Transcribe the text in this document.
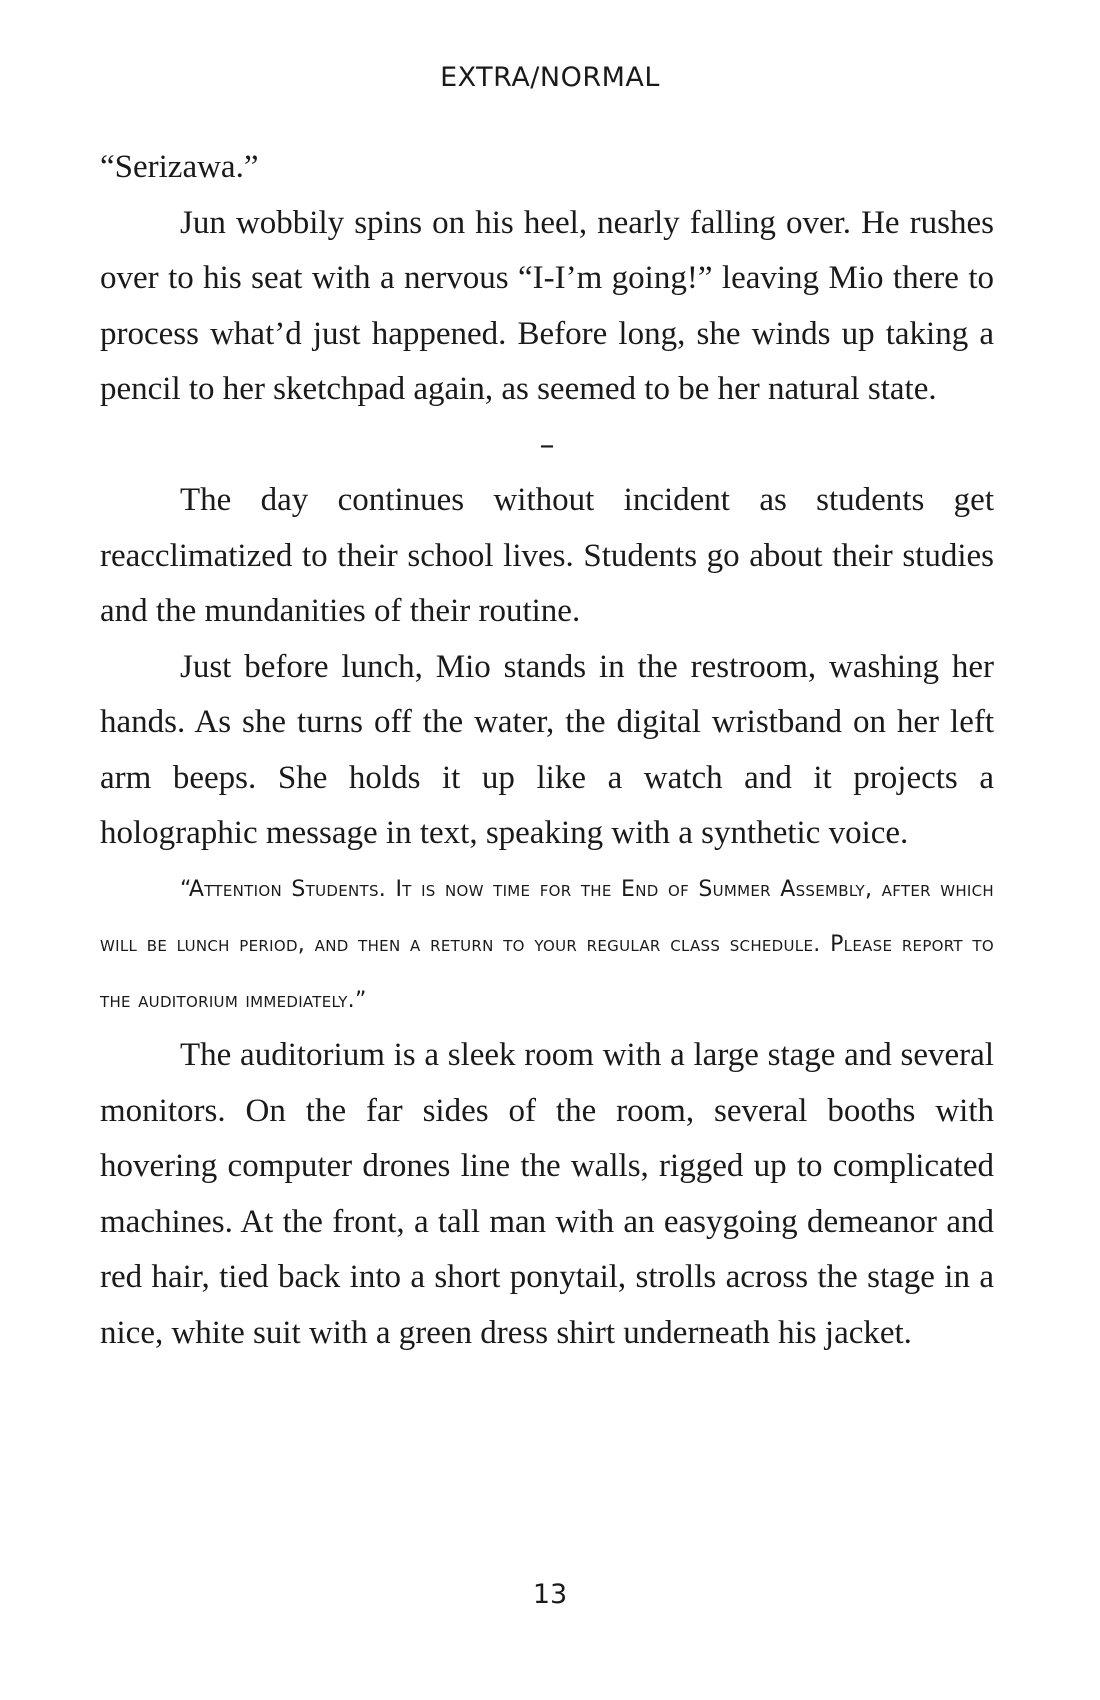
EXTRA/NORMAL

“Serizawa.”

Jun wobbily spins on his heel, nearly falling over. He rushes over to his seat with a nervous “I-I’m going!” leaving Mio there to process what’d just happened. Before long, she winds up taking a pencil to her sketchpad again, as seemed to be her natural state.

–

The day continues without incident as students get reacclimatized to their school lives. Students go about their studies and the mundanities of their routine.

Just before lunch, Mio stands in the restroom, washing her hands. As she turns off the water, the digital wristband on her left arm beeps. She holds it up like a watch and it projects a holographic message in text, speaking with a synthetic voice.

“Attention Students. It is now time for the End of Summer Assembly, after which will be lunch period, and then a return to your regular class schedule. Please report to the auditorium immediately.”

The auditorium is a sleek room with a large stage and several monitors. On the far sides of the room, several booths with hovering computer drones line the walls, rigged up to complicated machines. At the front, a tall man with an easygoing demeanor and red hair, tied back into a short ponytail, strolls across the stage in a nice, white suit with a green dress shirt underneath his jacket.

13
